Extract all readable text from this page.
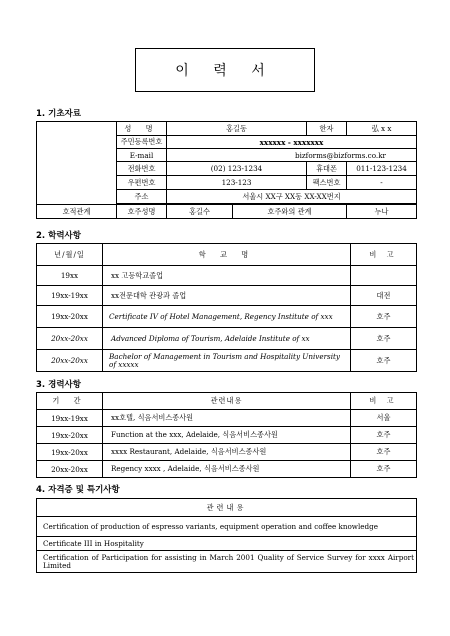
이 력 서
1. 기초자료
	성 명	홍길동		한자	弘 x x
	주민등록번호	xxxxxx - xxxxxxx			
	E-mail	bizforms@bizforms.co.kr			
	전화번호	(02) 123-1234		휴대폰	011-123-1234
	우편번호	123-123		팩스번호	-
	주소	서울시 XX구 XX동 XX-XX번지			

호적관계	호주성명	홍길수	호주와의 관계		누나
2. 학력사항
년/월/일	학 교 명	비 고
19xx	xx 고등학교졸업	
19xx-19xx	xx전문대학 관광과 졸업	대전
19xx-20xx	Certificate IV of Hotel Management, Regency Institute of xxx	호주
20xx-20xx	Advanced Diploma of Tourism, Adelaide Institute of xx	호주
20xx-20xx	Bachelor of Management in Tourism and Hospitality University of xxxxx	호주
3. 경력사항
기 간	관련내용	비 고
19xx-19xx	xx호텔, 식음서비스종사원	서울
19xx-20xx	Function at the xxx, Adelaide, 식음서비스종사원	호주
19xx-20xx	xxxx Restaurant, Adelaide, 식음서비스종사원	호주
20xx-20xx	Regency xxxx , Adelaide, 식음서비스종사원	호주
4. 자격증 및 특기사항
관련내용
Certification of production of espresso variants, equipment operation and coffee knowledge
Certificate III in Hospitality
Certification of Participation for assisting in March 2001 Quality of Service Survey for xxxx Airport Limited
